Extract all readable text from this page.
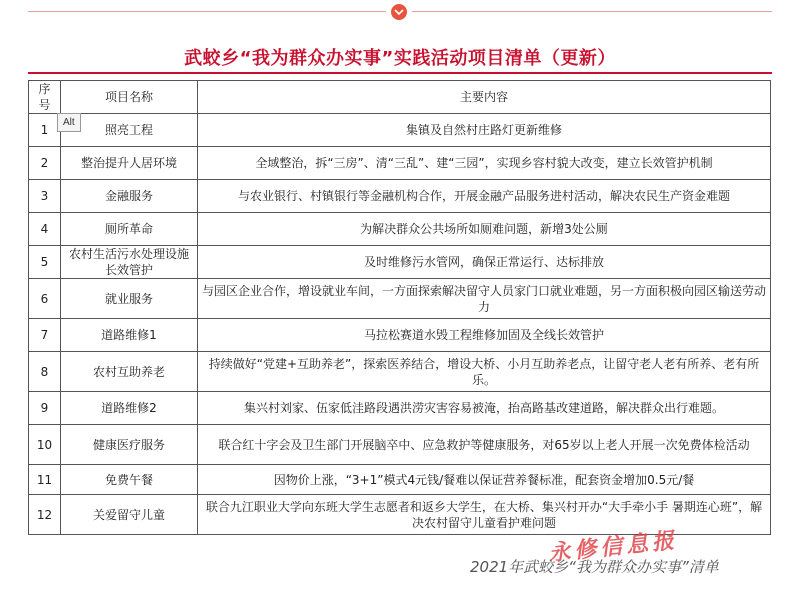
武蛟乡“我为群众办实事”实践活动项目清单（更新）
序号	项目名称	主要内容
1	照亮工程	集镇及自然村庄路灯更新维修
2	整治提升人居环境	全域整治，拆“三房”、清“三乱”、建“三园”，实现乡容村貌大改变，建立长效管护机制
3	金融服务	与农业银行、村镇银行等金融机构合作，开展金融产品服务进村活动，解决农民生产资金难题
4	厕所革命	为解决群众公共场所如厕难问题，新增3处公厕
5	农村生活污水处理设施长效管护	及时维修污水管网，确保正常运行、达标排放
6	就业服务	与园区企业合作，增设就业车间，一方面探索解决留守人员家门口就业难题，另一方面积极向园区输送劳动力
7	道路维修1	马拉松赛道水毁工程维修加固及全线长效管护
8	农村互助养老	持续做好“党建+互助养老”，探索医养结合，增设大桥、小月互助养老点，让留守老人老有所养、老有所乐。
9	道路维修2	集兴村刘家、伍家低洼路段遇洪涝灾害容易被淹，抬高路基改建道路，解决群众出行难题。
10	健康医疗服务	联合红十字会及卫生部门开展脑卒中、应急救护等健康服务，对65岁以上老人开展一次免费体检活动
11	免费午餐	因物价上涨，“3+1”模式4元钱/餐难以保证营养餐标准，配套资金增加0.5元/餐
12	关爱留守儿童	联合九江职业大学向东班大学生志愿者和返乡大学生，在大桥、集兴村开办“大手牵小手 暑期连心班”，解决农村留守儿童看护难问题
Alt
永修信息报
2021年武蛟乡“我为群众办实事”清单
